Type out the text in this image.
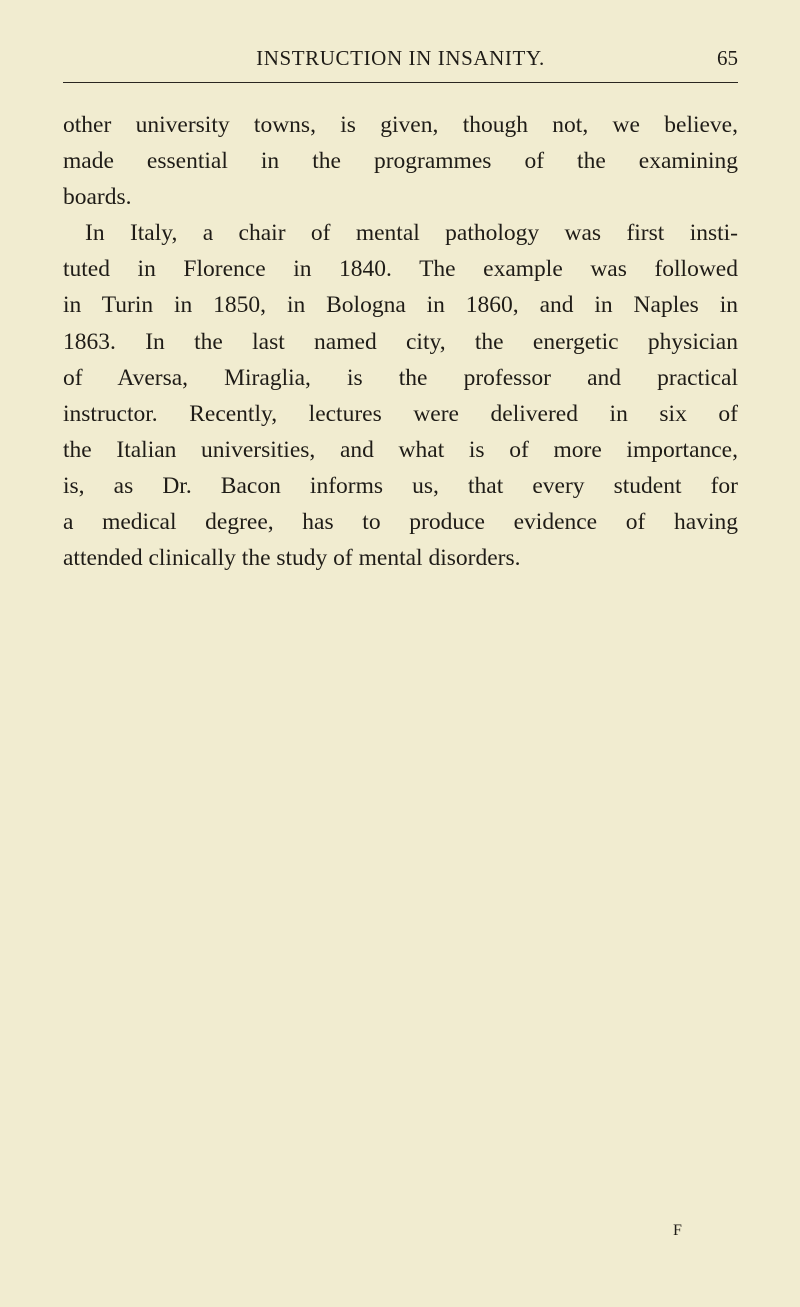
INSTRUCTION IN INSANITY.	65
other university towns, is given, though not, we believe,
made essential in the programmes of the examining
boards.
In Italy, a chair of mental pathology was first insti-
tuted in Florence in 1840. The example was followed
in Turin in 1850, in Bologna in 1860, and in Naples in
1863. In the last named city, the energetic physician
of Aversa, Miraglia, is the professor and practical
instructor. Recently, lectures were delivered in six of
the Italian universities, and what is of more importance,
is, as Dr. Bacon informs us, that every student for
a medical degree, has to produce evidence of having
attended clinically the study of mental disorders.
F
